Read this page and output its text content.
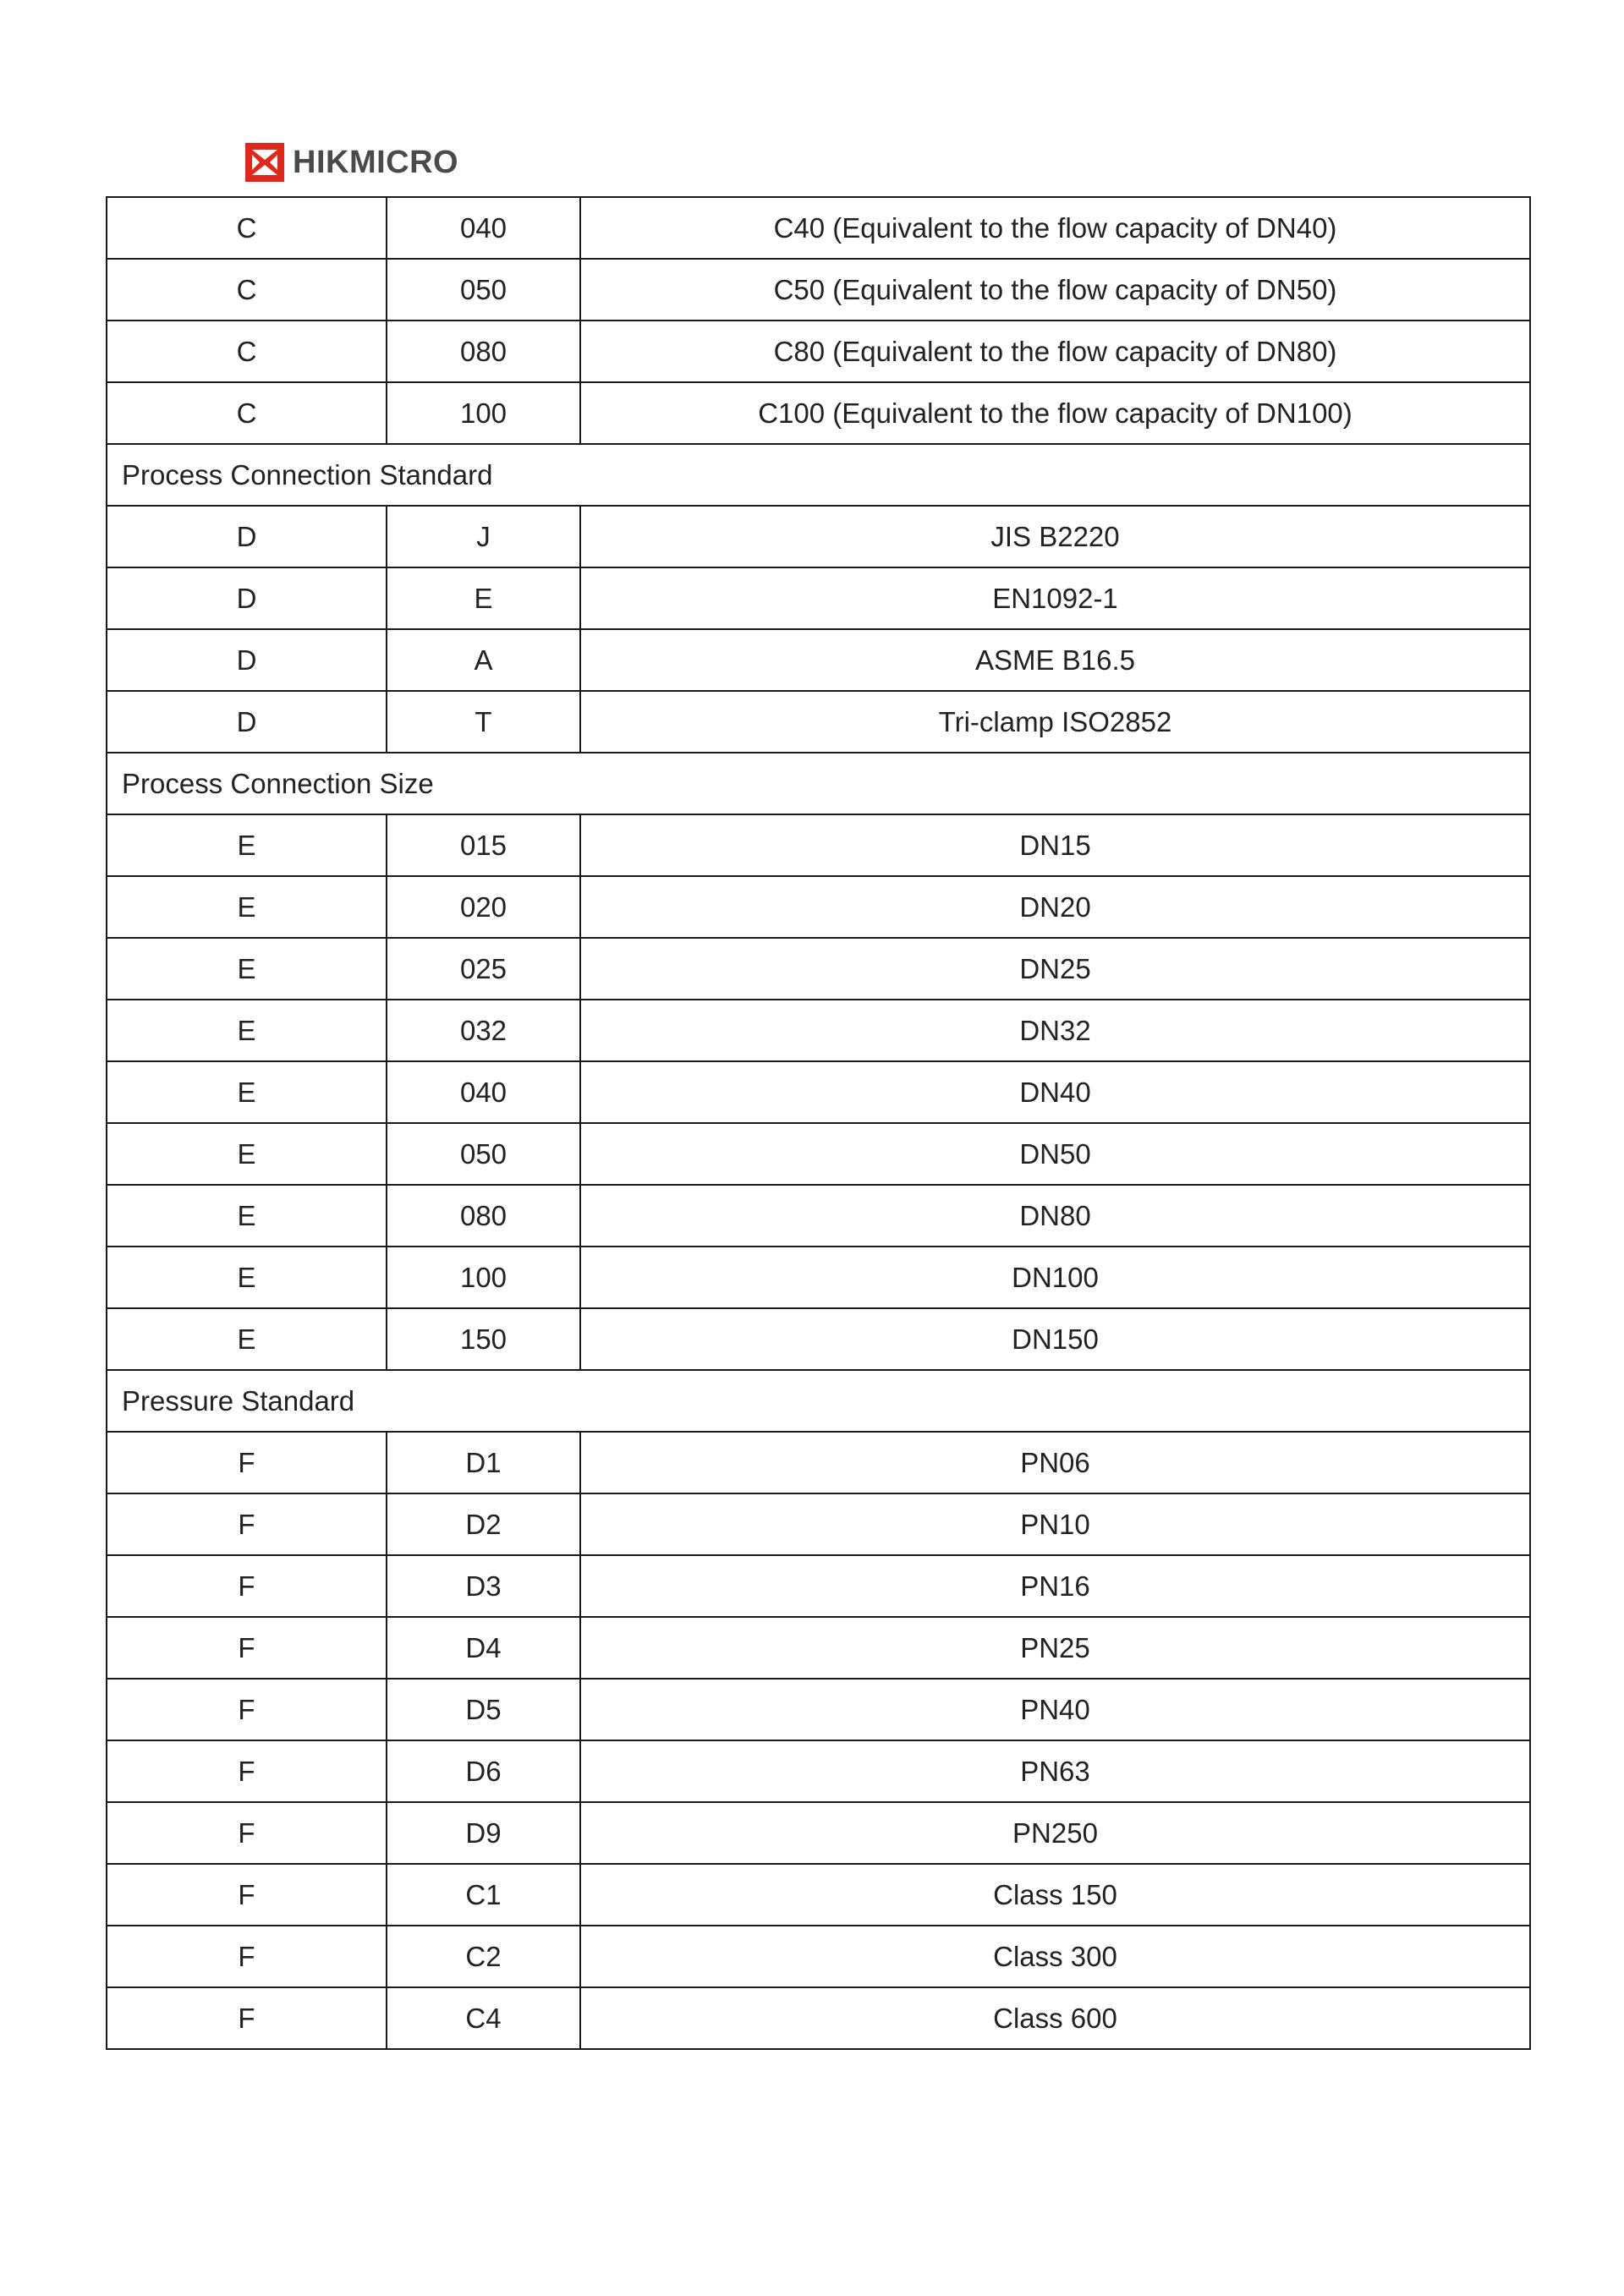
HIKMICRO
C	040	C40 (Equivalent to the flow capacity of DN40)
C	050	C50 (Equivalent to the flow capacity of DN50)
C	080	C80 (Equivalent to the flow capacity of DN80)
C	100	C100 (Equivalent to the flow capacity of DN100)
Process Connection Standard		
D	J	JIS B2220
D	E	EN1092-1
D	A	ASME B16.5
D	T	Tri-clamp ISO2852
Process Connection Size		
E	015	DN15
E	020	DN20
E	025	DN25
E	032	DN32
E	040	DN40
E	050	DN50
E	080	DN80
E	100	DN100
E	150	DN150
Pressure Standard		
F	D1	PN06
F	D2	PN10
F	D3	PN16
F	D4	PN25
F	D5	PN40
F	D6	PN63
F	D9	PN250
F	C1	Class 150
F	C2	Class 300
F	C4	Class 600
